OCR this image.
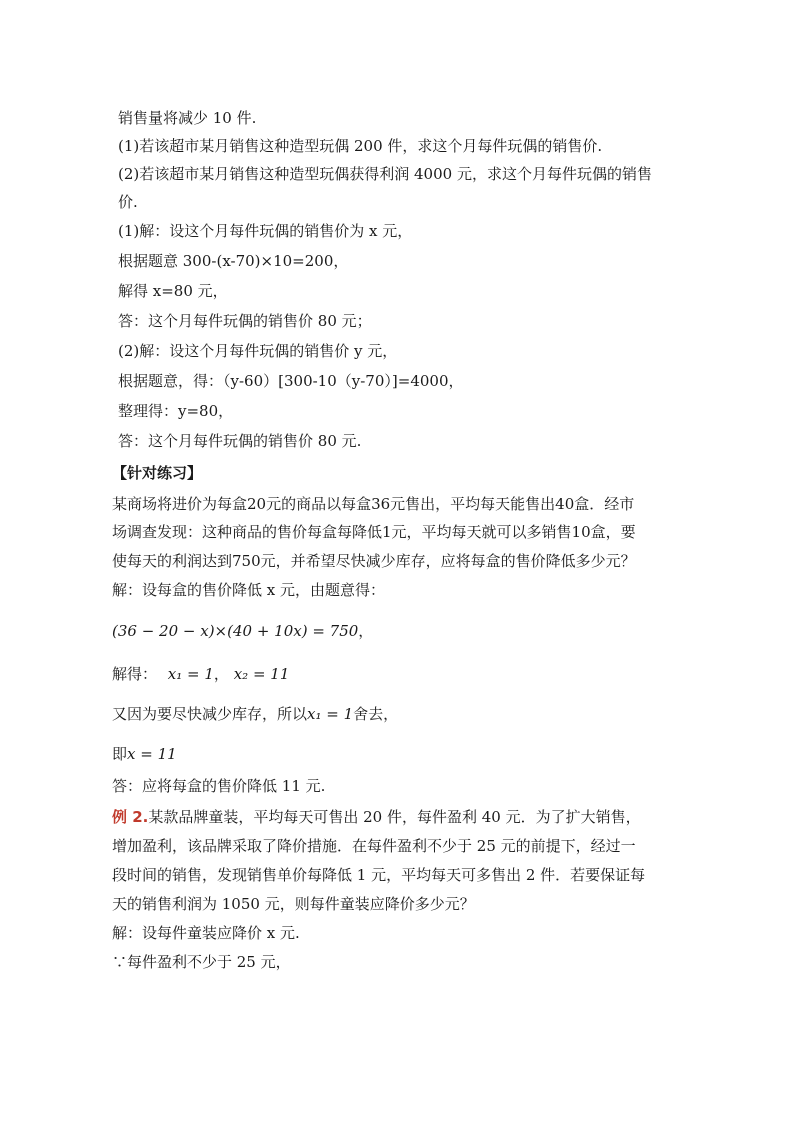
销售量将减少 10 件.

(1)若该超市某月销售这种造型玩偶 200 件，求这个月每件玩偶的销售价.

(2)若该超市某月销售这种造型玩偶获得利润 4000 元，求这个月每件玩偶的销售

价.

(1)解：设这个月每件玩偶的销售价为 x 元，

根据题意 300-(x-70)×10=200，

解得 x=80 元，

答：这个月每件玩偶的销售价 80 元；

(2)解：设这个月每件玩偶的销售价 y 元，

根据题意，得：（y-60）[300-10（y-70）]=4000，

整理得：y=80，

答：这个月每件玩偶的销售价 80 元.

【针对练习】

某商场将进价为每盒20元的商品以每盒36元售出，平均每天能售出40盒．经市

场调查发现：这种商品的售价每盒每降低1元，平均每天就可以多销售10盒，要

使每天的利润达到750元，并希望尽快减少库存，应将每盒的售价降低多少元？

解：设每盒的售价降低 x 元，由题意得：

(36 − 20 − x)×(40 + 10x) = 750，

解得： x₁ = 1， x₂ = 11

又因为要尽快减少库存，所以x₁ = 1舍去，

即x = 11

答：应将每盒的售价降低 11 元.

例 2.某款品牌童装，平均每天可售出 20 件，每件盈利 40 元．为了扩大销售，

增加盈利，该品牌采取了降价措施．在每件盈利不少于 25 元的前提下，经过一

段时间的销售，发现销售单价每降低 1 元，平均每天可多售出 2 件．若要保证每

天的销售利润为 1050 元，则每件童装应降价多少元？

解：设每件童装应降价 x 元.

∵每件盈利不少于 25 元，
